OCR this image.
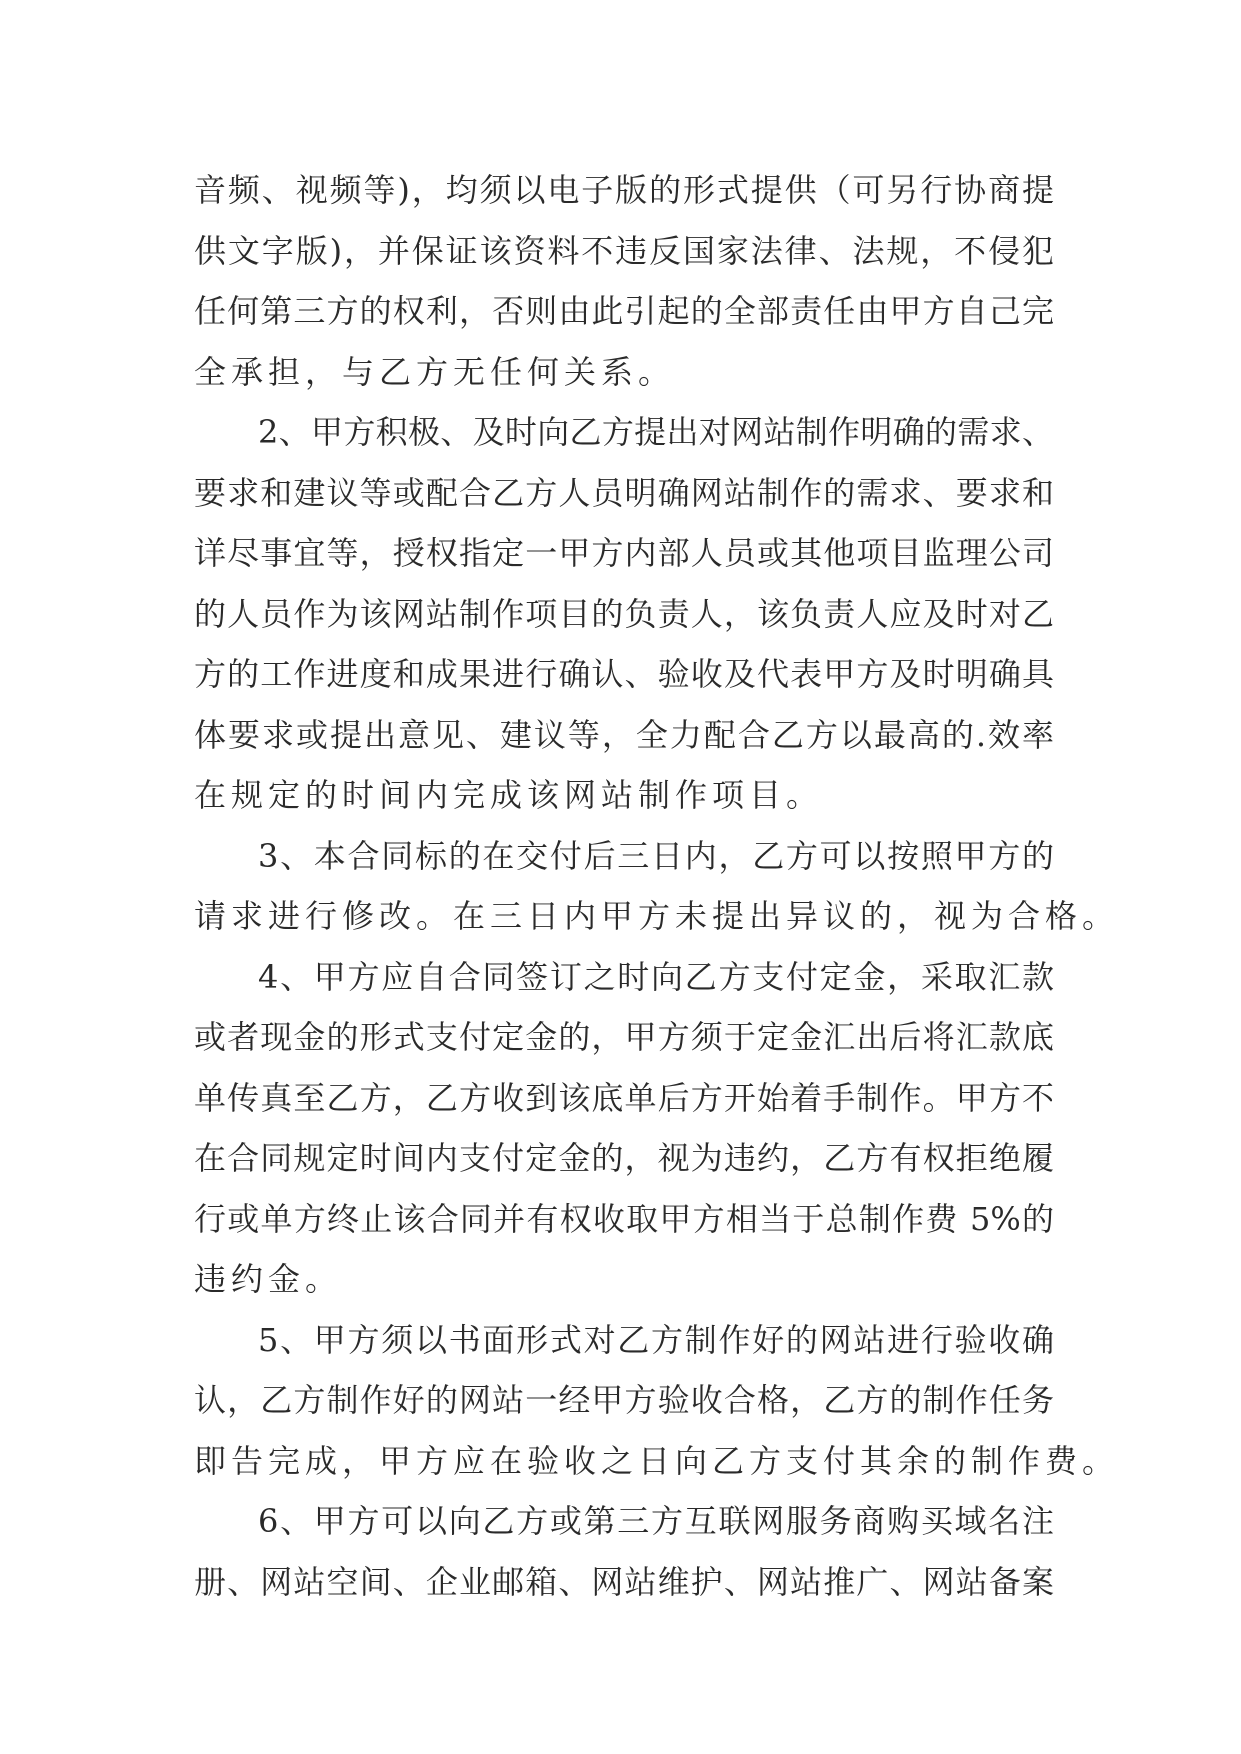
音频、视频等)，均须以电子版的形式提供（可另行协商提
供文字版)，并保证该资料不违反国家法律、法规，不侵犯
任何第三方的权利，否则由此引起的全部责任由甲方自己完
全承担，与乙方无任何关系。
2、甲方积极、及时向乙方提出对网站制作明确的需求、
要求和建议等或配合乙方人员明确网站制作的需求、要求和
详尽事宜等，授权指定一甲方内部人员或其他项目监理公司
的人员作为该网站制作项目的负责人，该负责人应及时对乙
方的工作进度和成果进行确认、验收及代表甲方及时明确具
体要求或提出意见、建议等，全力配合乙方以最高的.效率
在规定的时间内完成该网站制作项目。
3、本合同标的在交付后三日内，乙方可以按照甲方的
请求进行修改。在三日内甲方未提出异议的，视为合格。
4、甲方应自合同签订之时向乙方支付定金，采取汇款
或者现金的形式支付定金的，甲方须于定金汇出后将汇款底
单传真至乙方，乙方收到该底单后方开始着手制作。甲方不
在合同规定时间内支付定金的，视为违约，乙方有权拒绝履
行或单方终止该合同并有权收取甲方相当于总制作费 5%的
违约金。
5、甲方须以书面形式对乙方制作好的网站进行验收确
认，乙方制作好的网站一经甲方验收合格，乙方的制作任务
即告完成，甲方应在验收之日向乙方支付其余的制作费。
6、甲方可以向乙方或第三方互联网服务商购买域名注
册、网站空间、企业邮箱、网站维护、网站推广、网站备案
